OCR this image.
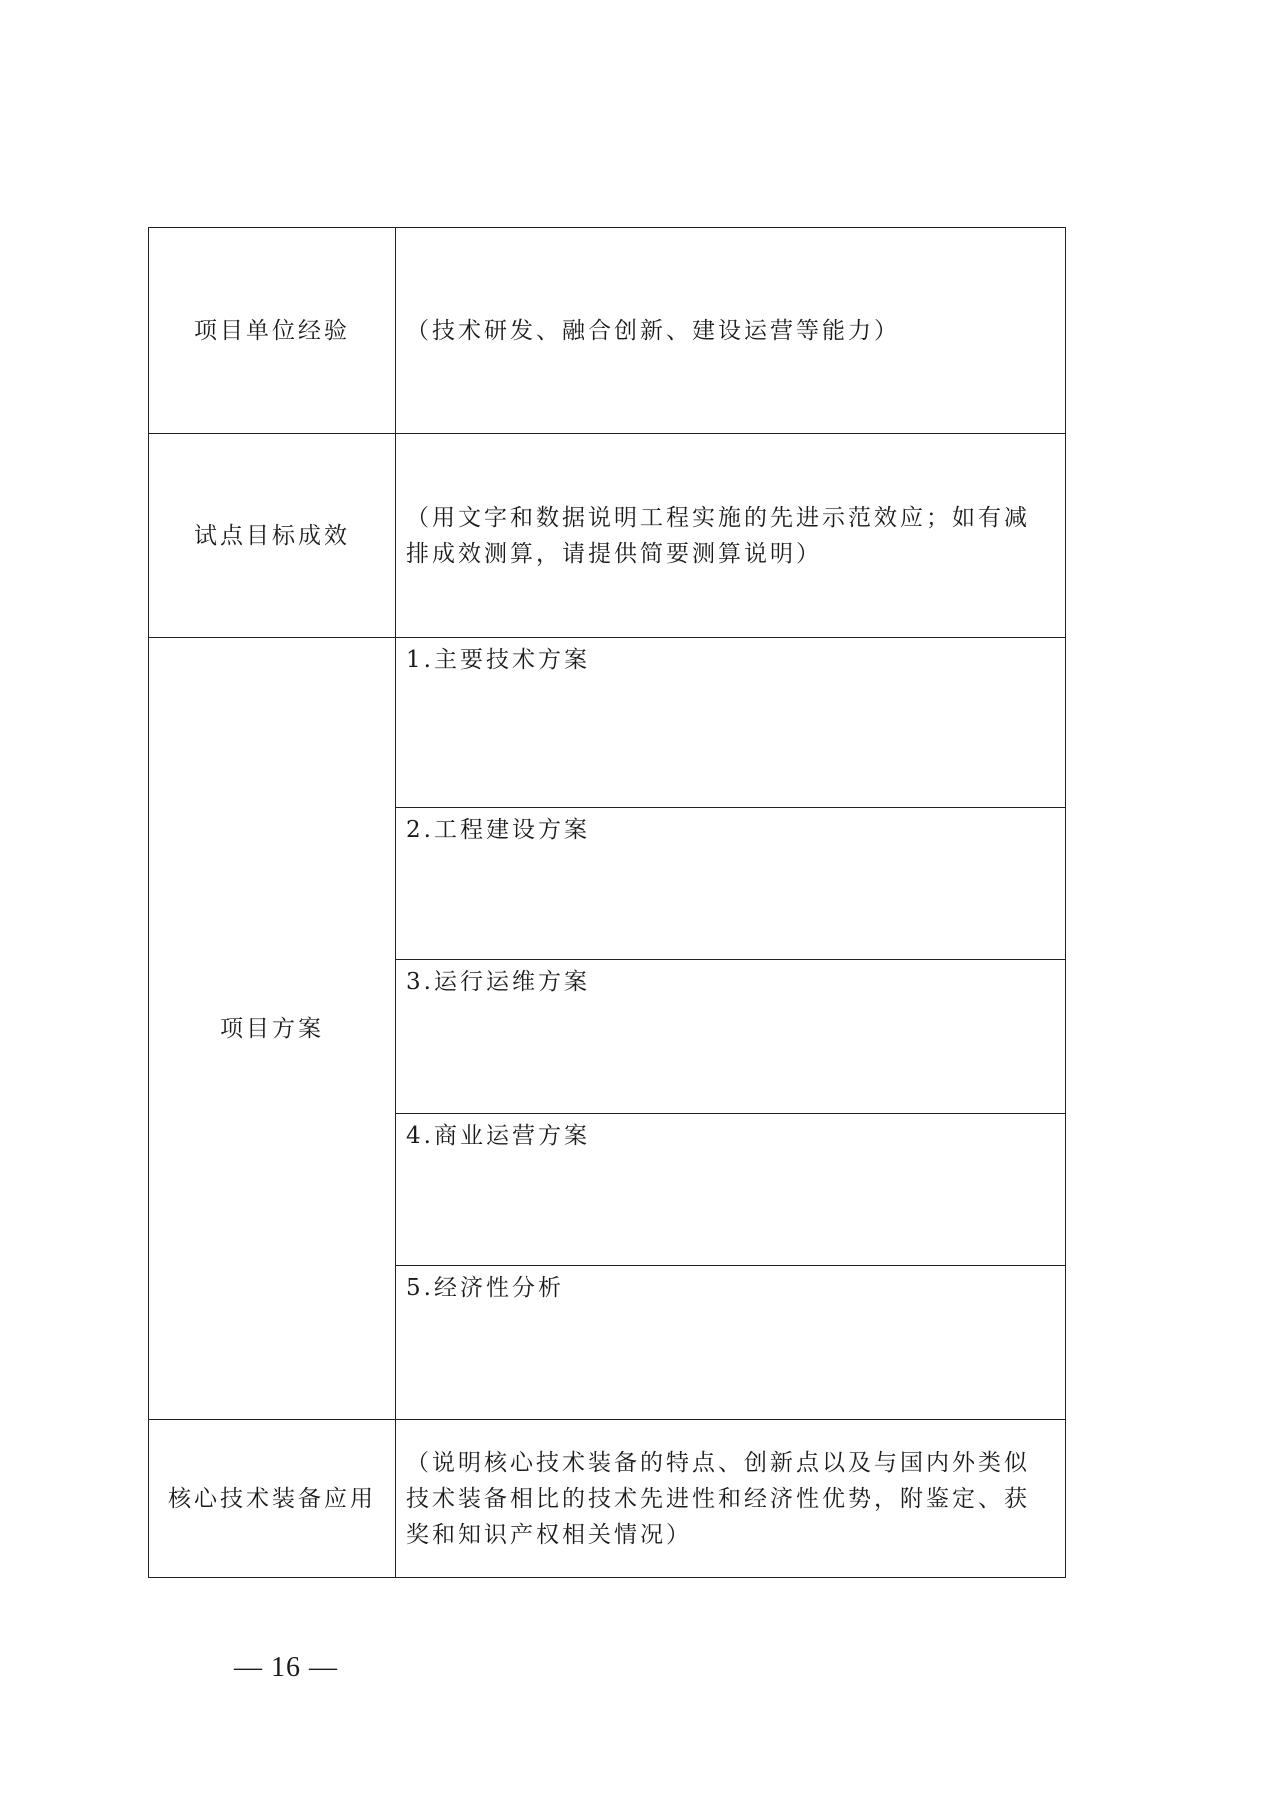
项目单位经验	（技术研发、融合创新、建设运营等能力）
试点目标成效	（用文字和数据说明工程实施的先进示范效应；如有减排成效测算，请提供简要测算说明）
项目方案	1.主要技术方案
	2.工程建设方案
	3.运行运维方案
	4.商业运营方案
	5.经济性分析
核心技术装备应用	（说明核心技术装备的特点、创新点以及与国内外类似技术装备相比的技术先进性和经济性优势，附鉴定、获奖和知识产权相关情况）
— 16 —
